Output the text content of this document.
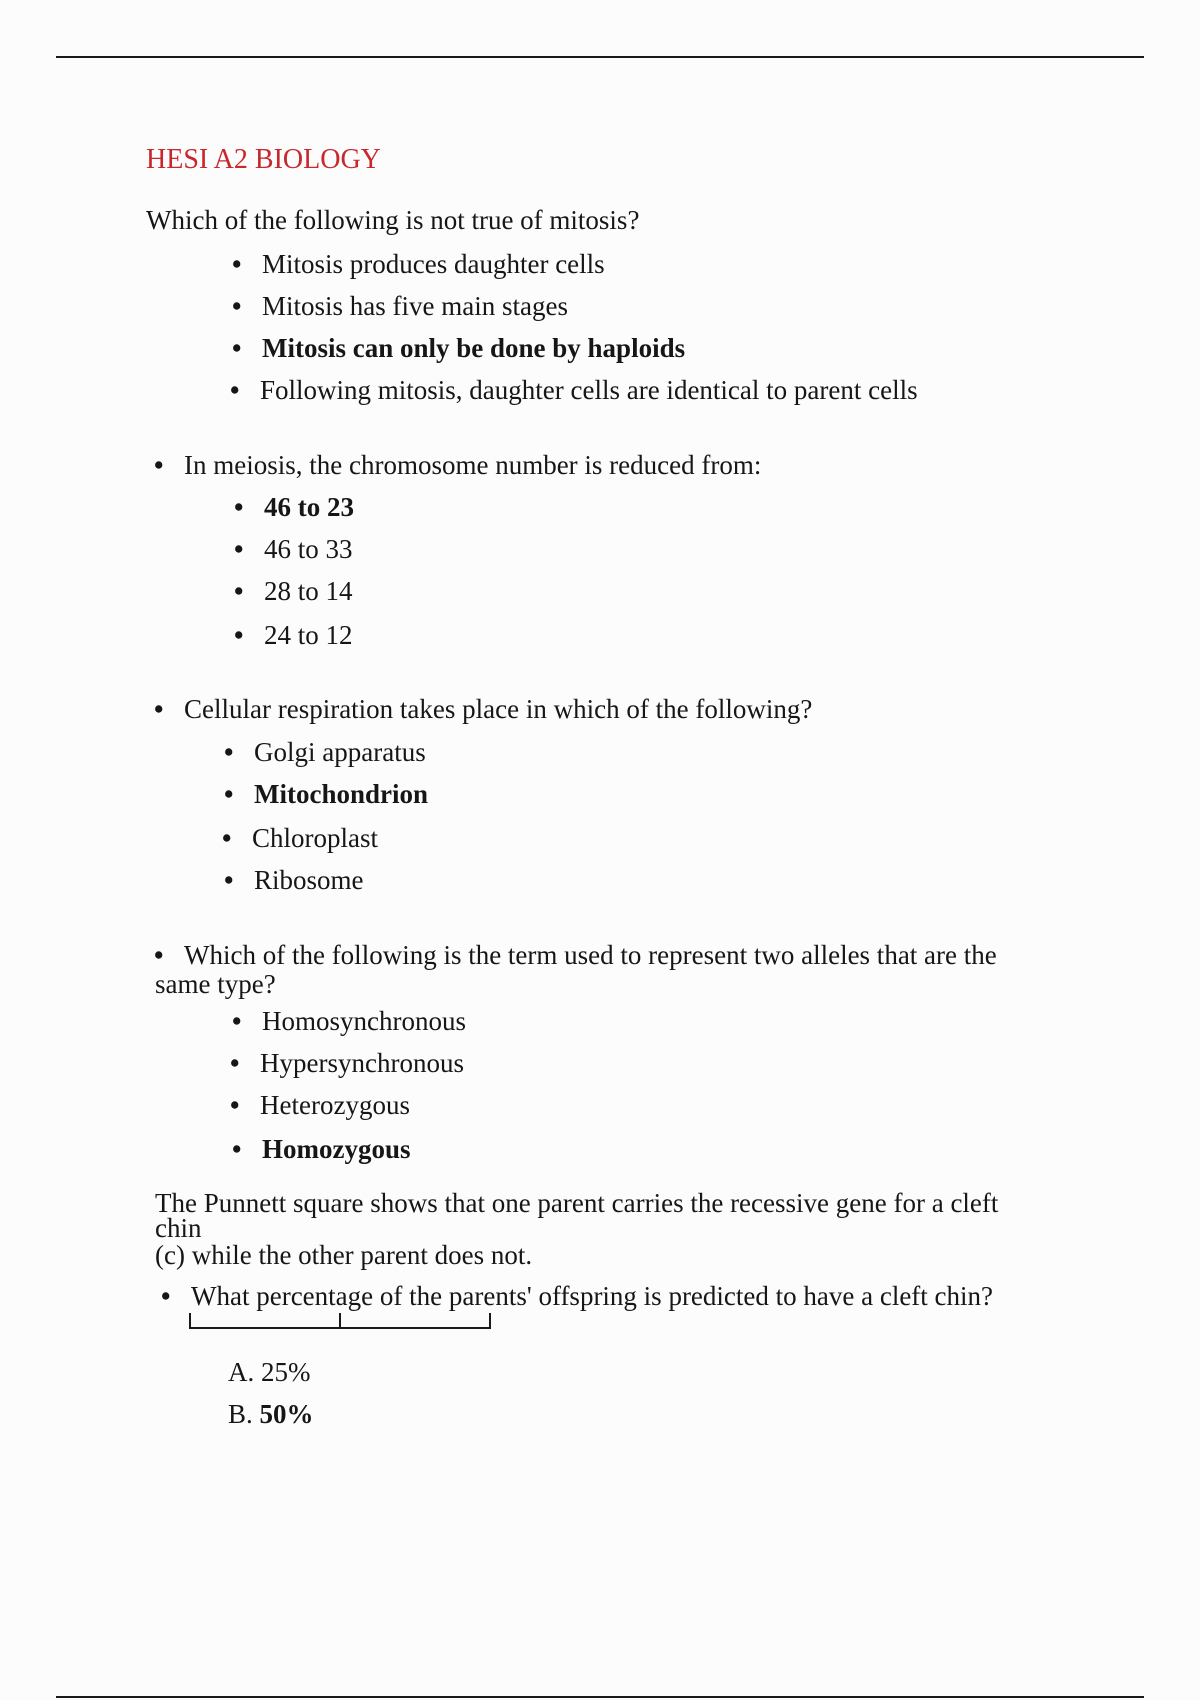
HESI A2 BIOLOGY
Which of the following is not true of mitosis?
• Mitosis produces daughter cells
• Mitosis has five main stages
• Mitosis can only be done by haploids
• Following mitosis, daughter cells are identical to parent cells
• In meiosis, the chromosome number is reduced from:
• 46 to 23
• 46 to 33
• 28 to 14
• 24 to 12
• Cellular respiration takes place in which of the following?
• Golgi apparatus
• Mitochondrion
• Chloroplast
• Ribosome
• Which of the following is the term used to represent two alleles that are the
same type?
• Homosynchronous
• Hypersynchronous
• Heterozygous
• Homozygous
The Punnett square shows that one parent carries the recessive gene for a cleft
chin
(c) while the other parent does not.
• What percentage of the parents' offspring is predicted to have a cleft chin?
A. 25%
B. 50%
